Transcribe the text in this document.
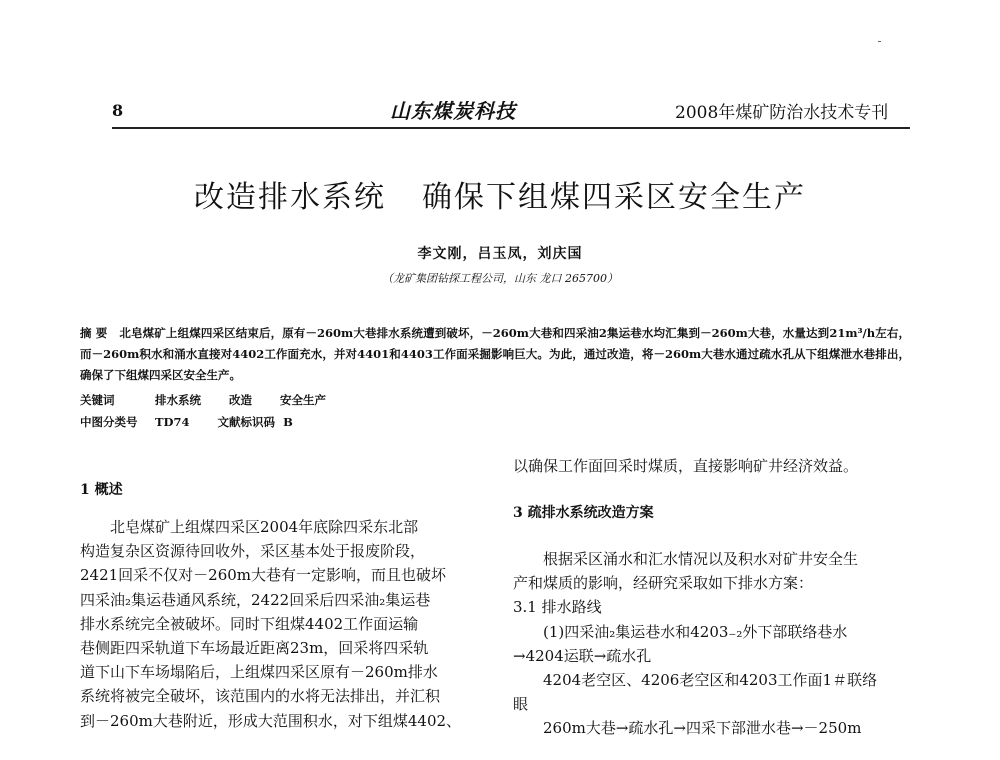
8	山东煤炭科技	2008年煤矿防治水技术专刊
改造排水系统 确保下组煤四采区安全生产
李文刚，吕玉凤，刘庆国
（龙矿集团钻探工程公司，山东 龙口 265700）
摘 要 北皂煤矿上组煤四采区结束后，原有－260m大巷排水系统遭到破坏，－260m大巷和四采油2集运巷水均汇集到－260m大巷，水量达到21m³/h左右，而－260m积水和涌水直接对4402工作面充水，并对4401和4403工作面采掘影响巨大。为此，通过改造，将－260m大巷水通过疏水孔从下组煤泄水巷排出，确保了下组煤四采区安全生产。
关键词	排水系统 改造 安全生产
中图分类号 TD74 文献标识码 B
1 概述

北皂煤矿上组煤四采区2004年底除四采东北部

构造复杂区资源待回收外，采区基本处于报废阶段，

2421回采不仅对－260m大巷有一定影响，而且也破坏

四采油₂集运巷通风系统，2422回采后四采油₂集运巷

排水系统完全被破坏。同时下组煤4402工作面运输

巷侧距四采轨道下车场最近距离23m，回采将四采轨

道下山下车场塌陷后，上组煤四采区原有－260m排水

系统将被完全破坏，该范围内的水将无法排出，并汇积

到－260m大巷附近，形成大范围积水，对下组煤4402、

以确保工作面回采时煤质，直接影响矿井经济效益。
3 疏排水系统改造方案

根据采区涌水和汇水情况以及积水对矿井安全生

产和煤质的影响，经研究采取如下排水方案：

3.1 排水路线

(1)四采油₂集运巷水和4203₋₂外下部联络巷水

→4204运联→疏水孔

4204老空区、4206老空区和4203工作面1＃联络

眼

260m大巷→疏水孔→四采下部泄水巷→－250m
